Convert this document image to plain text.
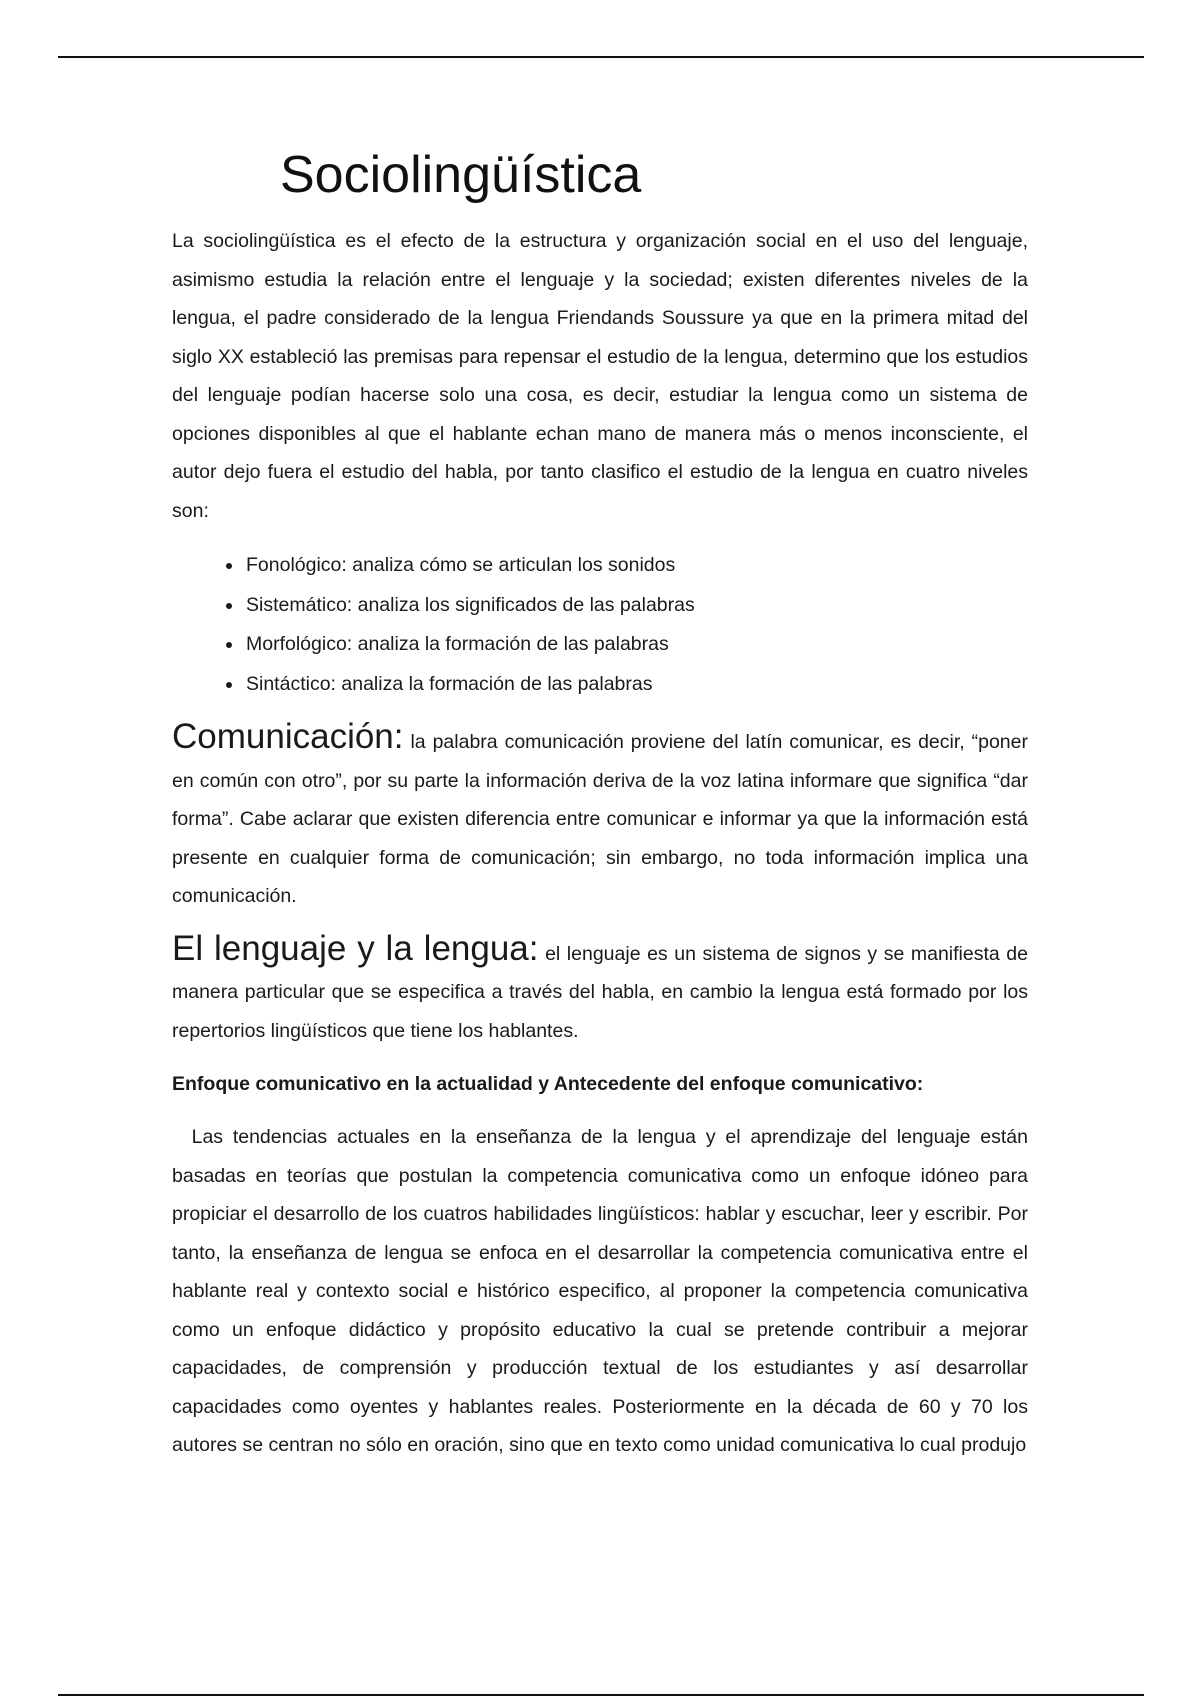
Sociolingüística

La sociolingüística es el efecto de la estructura y organización social en el uso del lenguaje, asimismo estudia la relación entre el lenguaje y la sociedad; existen diferentes niveles de la lengua, el padre considerado de la lengua Friendands Soussure ya que en la primera mitad del siglo XX estableció las premisas para repensar el estudio de la lengua, determino que los estudios del lenguaje podían hacerse solo una cosa, es decir, estudiar la lengua como un sistema de opciones disponibles al que el hablante echan mano de manera más o menos inconsciente, el autor dejo fuera el estudio del habla, por tanto clasifico el estudio de la lengua en cuatro niveles son:

• Fonológico: analiza cómo se articulan los sonidos
• Sistemático: analiza los significados de las palabras
• Morfológico: analiza la formación de las palabras
• Sintáctico: analiza la formación de las palabras

Comunicación: la palabra comunicación proviene del latín comunicar, es decir, “poner en común con otro”, por su parte la información deriva de la voz latina informare que significa “dar forma”. Cabe aclarar que existen diferencia entre comunicar e informar ya que la información está presente en cualquier forma de comunicación; sin embargo, no toda información implica una comunicación.

El lenguaje y la lengua: el lenguaje es un sistema de signos y se manifiesta de manera particular que se especifica a través del habla, en cambio la lengua está formado por los repertorios lingüísticos que tiene los hablantes.

Enfoque comunicativo en la actualidad y Antecedente del enfoque comunicativo:

Las tendencias actuales en la enseñanza de la lengua y el aprendizaje del lenguaje están basadas en teorías que postulan la competencia comunicativa como un enfoque idóneo para propiciar el desarrollo de los cuatros habilidades lingüísticos: hablar y escuchar, leer y escribir. Por tanto, la enseñanza de lengua se enfoca en el desarrollar la competencia comunicativa entre el hablante real y contexto social e histórico especifico, al proponer la competencia comunicativa como un enfoque didáctico y propósito educativo la cual se pretende contribuir a mejorar capacidades, de comprensión y producción textual de los estudiantes y así desarrollar capacidades como oyentes y hablantes reales. Posteriormente en la década de 60 y 70 los autores se centran no sólo en oración, sino que en texto como unidad comunicativa lo cual produjo
